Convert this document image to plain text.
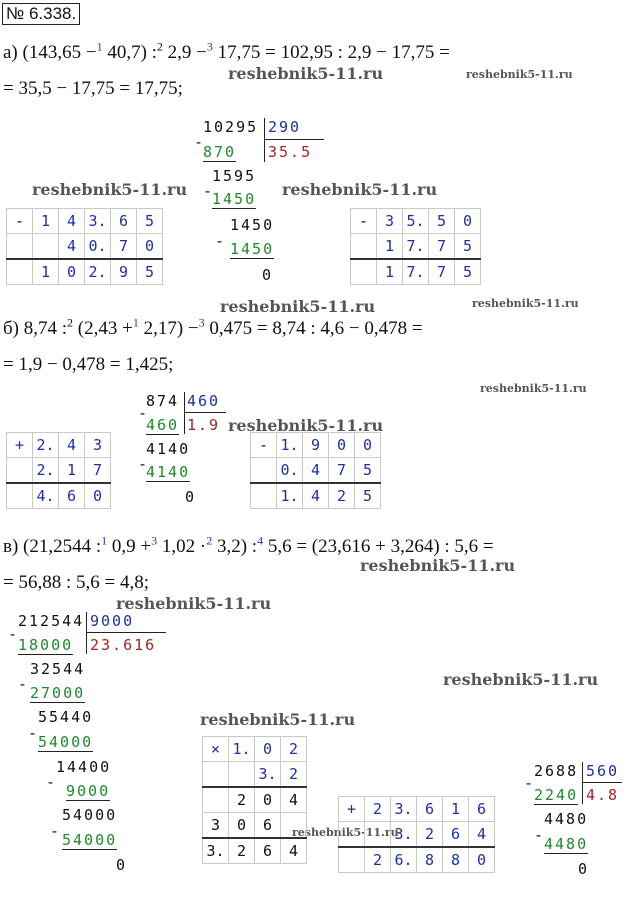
№ 6.338.
а) (143,65 −$^1$ 40,7) :$^2$ 2,9 −$^3$ 17,75 = 102,95 : 2,9 − 17,75 =
= 35,5 − 17,75 = 17,75;
reshebnik5-11.ru	reshebnik5-11.ru
10295 290
35.5
-
870
1595
-
1450
1450
- 1450
0
reshebnik5-11.ru	reshebnik5-11.ru
-	1	4	3.	6	5
		4	0.	7	0
	1	0	2.	9	5
-	3	5.	5	0
	1	7.	7	5
	1	7.	7	5
reshebnik5-11.ru	reshebnik5-11.ru
б) 8,74 :$^2$ (2,43 +$^1$ 2,17) −$^3$ 0,475 = 8,74 : 4,6 − 0,478 =
= 1,9 − 0,478 = 1,425;
reshebnik5-11.ru
874 460
1.9
-
460
4140
-
4140
0
reshebnik5-11.ru
+	2.	4	3
	2.	1	7
	4.	6	0
-	1.	9	0	0
	0.	4	7	5
	1.	4	2	5
в) (21,2544 :$^1$ 0,9 +$^3$ 1,02 ·$^2$ 3,2) :$^4$ 5,6 = (23,616 + 3,264) : 5,6 =
= 56,88 : 5,6 = 4,8;
reshebnik5-11.ru
reshebnik5-11.ru
reshebnik5-11.ru
reshebnik5-11.ru
reshebnik5-11.ru
212544 9000
23.616
-
18000
32544
- 27000
55440
-
54000
14400
- 9000
54000
- 54000
0
×	1.	0	2
		3.	2
	2	0	4
3	0	6	
3.	2	6	4
+	2	3.	6	1	6
		3.	2	6	4
	2	6.	8	8	0
2688 560
4.8
-
2240
4480
-
4480
0
